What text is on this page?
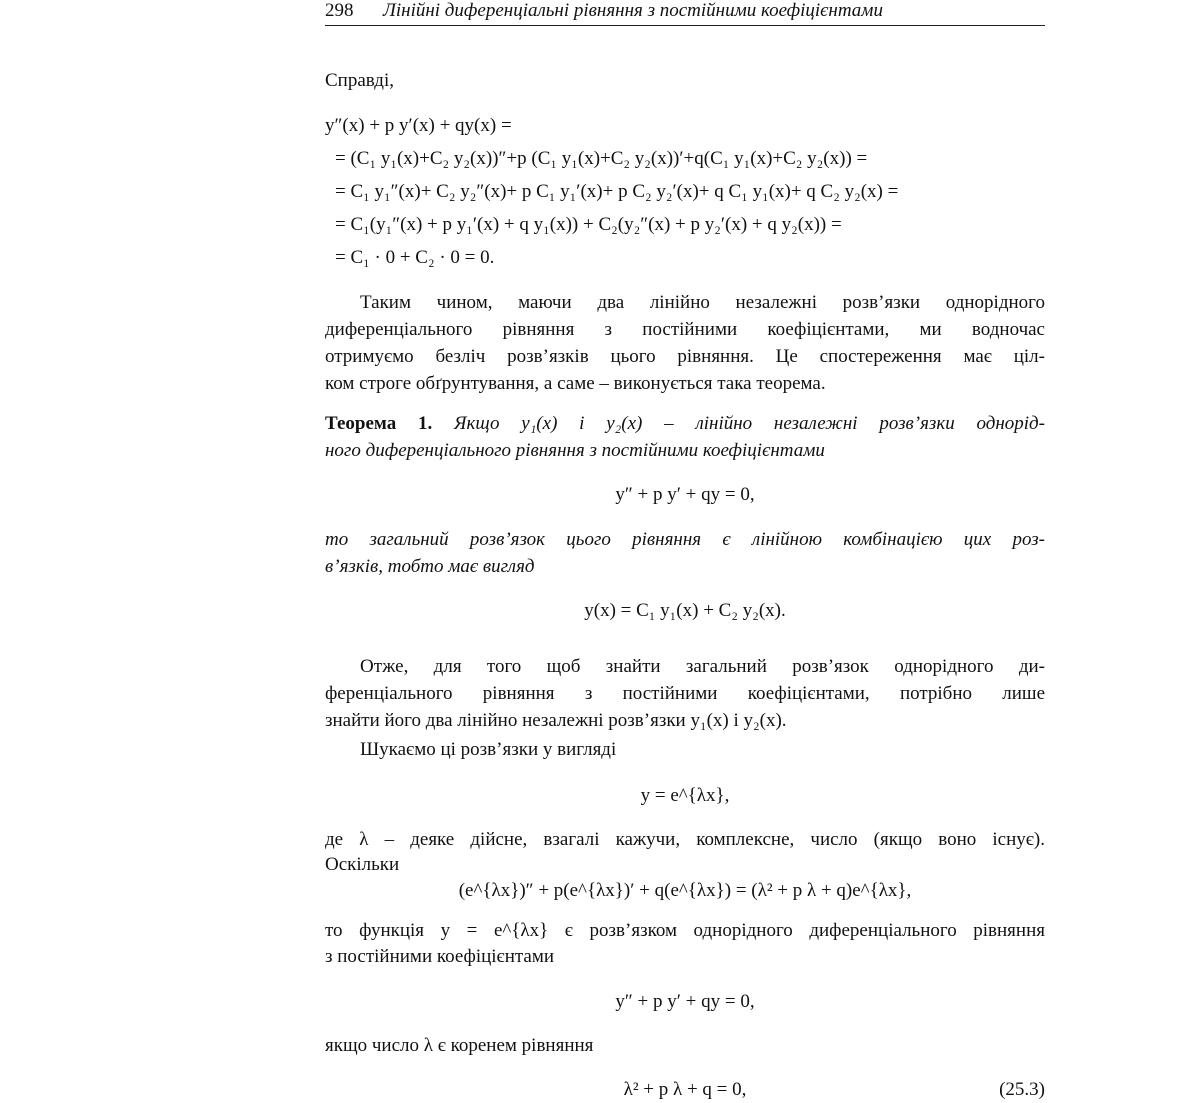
298 Лінійні диференціальні рівняння з постійними коефіцієнтами
Справді,
y″(x) + p y′(x) + qy(x) =
= (C₁ y₁(x)+C₂ y₂(x))″+p (C₁ y₁(x)+C₂ y₂(x))′+q(C₁ y₁(x)+C₂ y₂(x)) =
= C₁ y₁″(x)+ C₂ y₂″(x)+ p C₁ y₁′(x)+ p C₂ y₂′(x)+ q C₁ y₁(x)+ q C₂ y₂(x) =
= C₁(y₁″(x) + p y₁′(x) + q y₁(x)) + C₂(y₂″(x) + p y₂′(x) + q y₂(x)) =
= C₁ · 0 + C₂ · 0 = 0.
Таким чином, маючи два лінійно незалежні розв’язки однорідного
диференціального рівняння з постійними коефіцієнтами, ми водночас
отримуємо безліч розв’язків цього рівняння. Це спостереження має ціл-
ком строге обґрунтування, а саме – виконується така теорема.
Теорема 1. Якщо y₁(x) і y₂(x) – лінійно незалежні розв’язки однорід-
ного диференціального рівняння з постійними коефіцієнтами
y″ + p y′ + qy = 0,
то загальний розв’язок цього рівняння є лінійною комбінацією цих роз-
в’язків, тобто має вигляд
y(x) = C₁ y₁(x) + C₂ y₂(x).
Отже, для того щоб знайти загальний розв’язок однорідного ди-
ференціального рівняння з постійними коефіцієнтами, потрібно лише
знайти його два лінійно незалежні розв’язки y₁(x) і y₂(x).
Шукаємо ці розв’язки у вигляді
y = e^{λx},
де λ – деяке дійсне, взагалі кажучи, комплексне, число (якщо воно існує).
Оскільки
(e^{λx})″ + p(e^{λx})′ + q(e^{λx}) = (λ² + p λ + q)e^{λx},
то функція y = e^{λx} є розв’язком однорідного диференціального рівняння
з постійними коефіцієнтами
y″ + p y′ + qy = 0,
якщо число λ є коренем рівняння
λ² + p λ + q = 0,	(25.3)
